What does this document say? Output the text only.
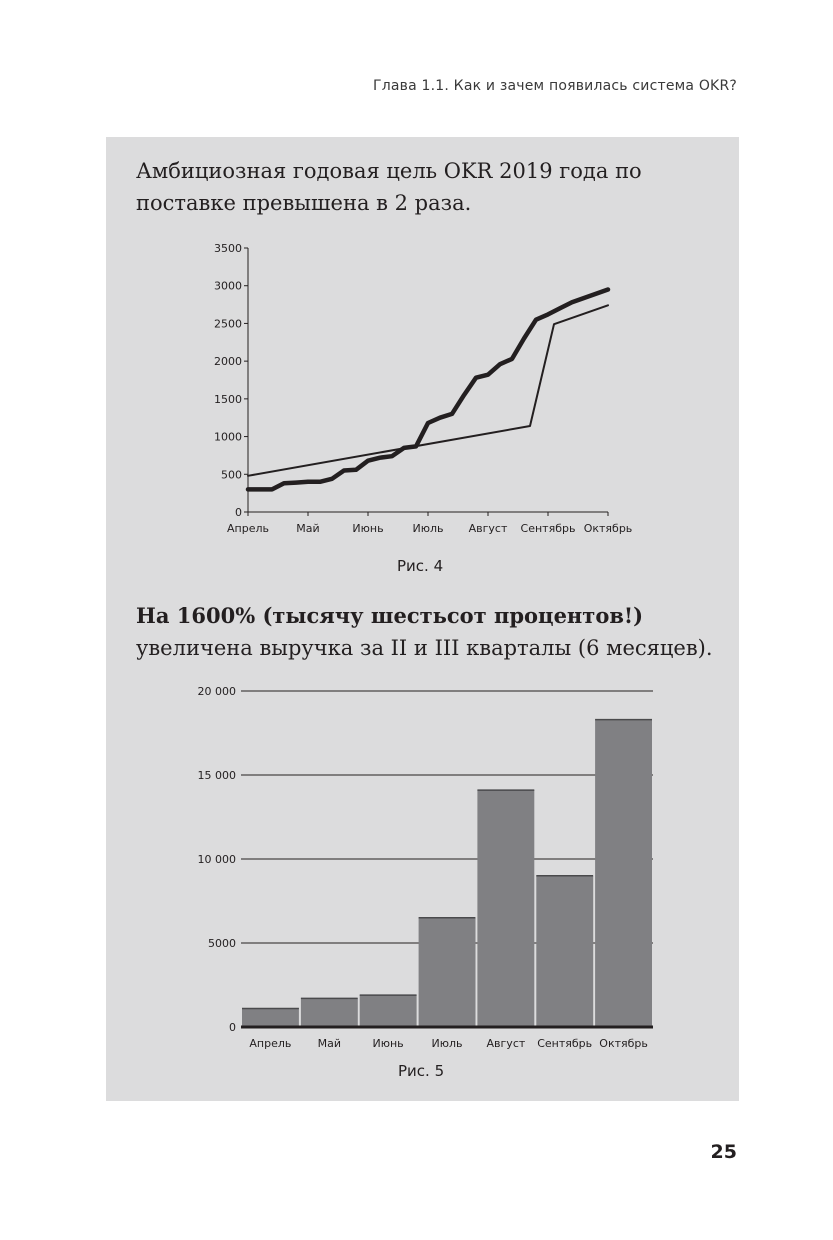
Глава 1.1. Как и зачем появилась система OKR?
Амбициозная годовая цель OKR 2019 года по поставке превышена в 2 раза.
0
500
1000
1500
2000
2500
3000
3500
Апрель Май	Июнь	Июль Август Сентябрь Октябрь
Рис. 4
На 1600% (тысячу шестьсот процентов!) увеличена выручка за II и III кварталы (6 месяцев).
0
5000
10 000
15 000
20 000
Апрель Май	Июнь	Июль Август Сентябрь Октябрь
Рис. 5
25
